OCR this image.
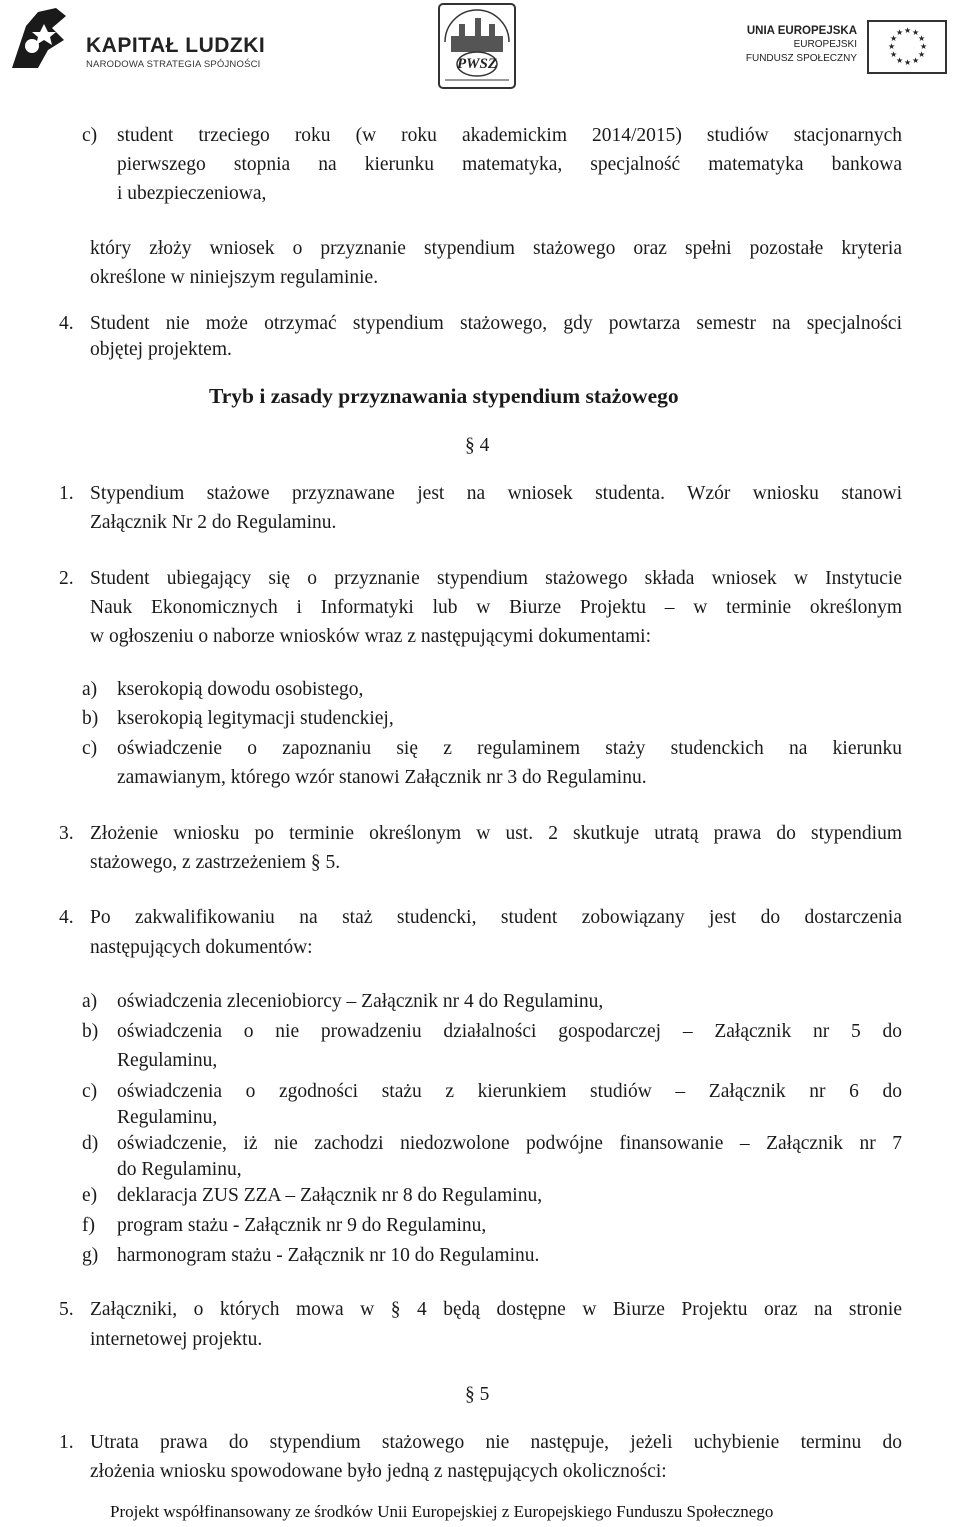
KAPITAŁ LUDZKI
NARODOWA STRATEGIA SPÓJNOŚCI	PWSZ
UNIA EUROPEJSKA
EUROPEJSKI
FUNDUSZ SPOŁECZNY
★ ★
★
★
★
★
★
★
★
★
★
★
c) student trzeciego roku (w roku akademickim 2014/2015) studiów stacjonarnych
pierwszego stopnia na kierunku matematyka, specjalność matematyka bankowa
i ubezpieczeniowa,
który złoży wniosek o przyznanie stypendium stażowego oraz spełni pozostałe kryteria
określone w niniejszym regulaminie.
4. Student nie może otrzymać stypendium stażowego, gdy powtarza semestr na specjalności
objętej projektem.
Tryb i zasady przyznawania stypendium stażowego
§ 4
1. Stypendium stażowe przyznawane jest na wniosek studenta. Wzór wniosku stanowi
Załącznik Nr 2 do Regulaminu.
2. Student ubiegający się o przyznanie stypendium stażowego składa wniosek w Instytucie
Nauk Ekonomicznych i Informatyki lub w Biurze Projektu – w terminie określonym
w ogłoszeniu o naborze wniosków wraz z następującymi dokumentami:
a) kserokopią dowodu osobistego,
b) kserokopią legitymacji studenckiej,
c) oświadczenie o zapoznaniu się z regulaminem staży studenckich na kierunku
zamawianym, którego wzór stanowi Załącznik nr 3 do Regulaminu.
3. Złożenie wniosku po terminie określonym w ust. 2 skutkuje utratą prawa do stypendium
stażowego, z zastrzeżeniem § 5.
4. Po zakwalifikowaniu na staż studencki, student zobowiązany jest do dostarczenia
następujących dokumentów:
a) oświadczenia zleceniobiorcy – Załącznik nr 4 do Regulaminu,
b) oświadczenia o nie prowadzeniu działalności gospodarczej – Załącznik nr 5 do
Regulaminu,
c) oświadczenia o zgodności stażu z kierunkiem studiów – Załącznik nr 6 do
Regulaminu,
d) oświadczenie, iż nie zachodzi niedozwolone podwójne finansowanie – Załącznik nr 7
do Regulaminu,
e) deklaracja ZUS ZZA – Załącznik nr 8 do Regulaminu,
f) program stażu - Załącznik nr 9 do Regulaminu,
g) harmonogram stażu - Załącznik nr 10 do Regulaminu.
5. Załączniki, o których mowa w § 4 będą dostępne w Biurze Projektu oraz na stronie
internetowej projektu.
§ 5
1. Utrata prawa do stypendium stażowego nie następuje, jeżeli uchybienie terminu do
złożenia wniosku spowodowane było jedną z następujących okoliczności:
Projekt współfinansowany ze środków Unii Europejskiej z Europejskiego Funduszu Społecznego
